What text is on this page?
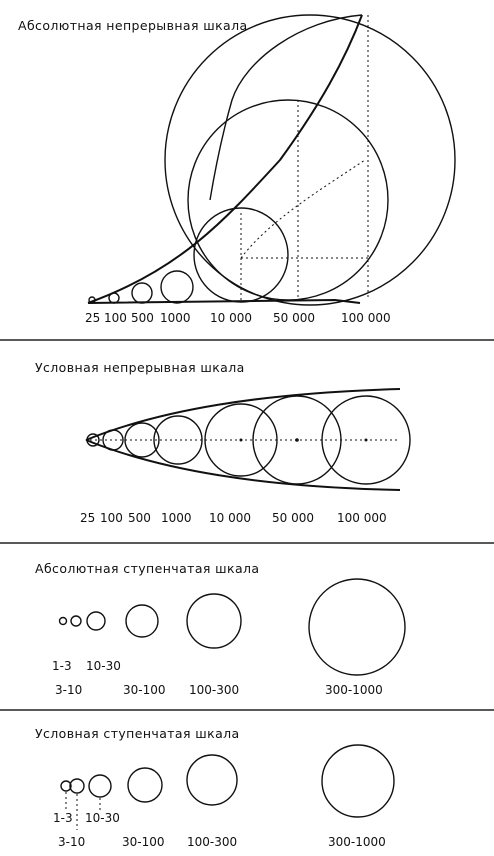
Абсолютная непрерывная шкала
25 100 500 1000 10 000 50 000 100 000
Условная непрерывная шкала
25 100 500 1000 10 000 50 000 100 000
Абсолютная ступенчатая шкала
1-3 10-30
3-10	30-100 100-300	300-1000
Условная ступенчатая шкала
1-3 10-30
3-10	30-100 100-300	300-1000
